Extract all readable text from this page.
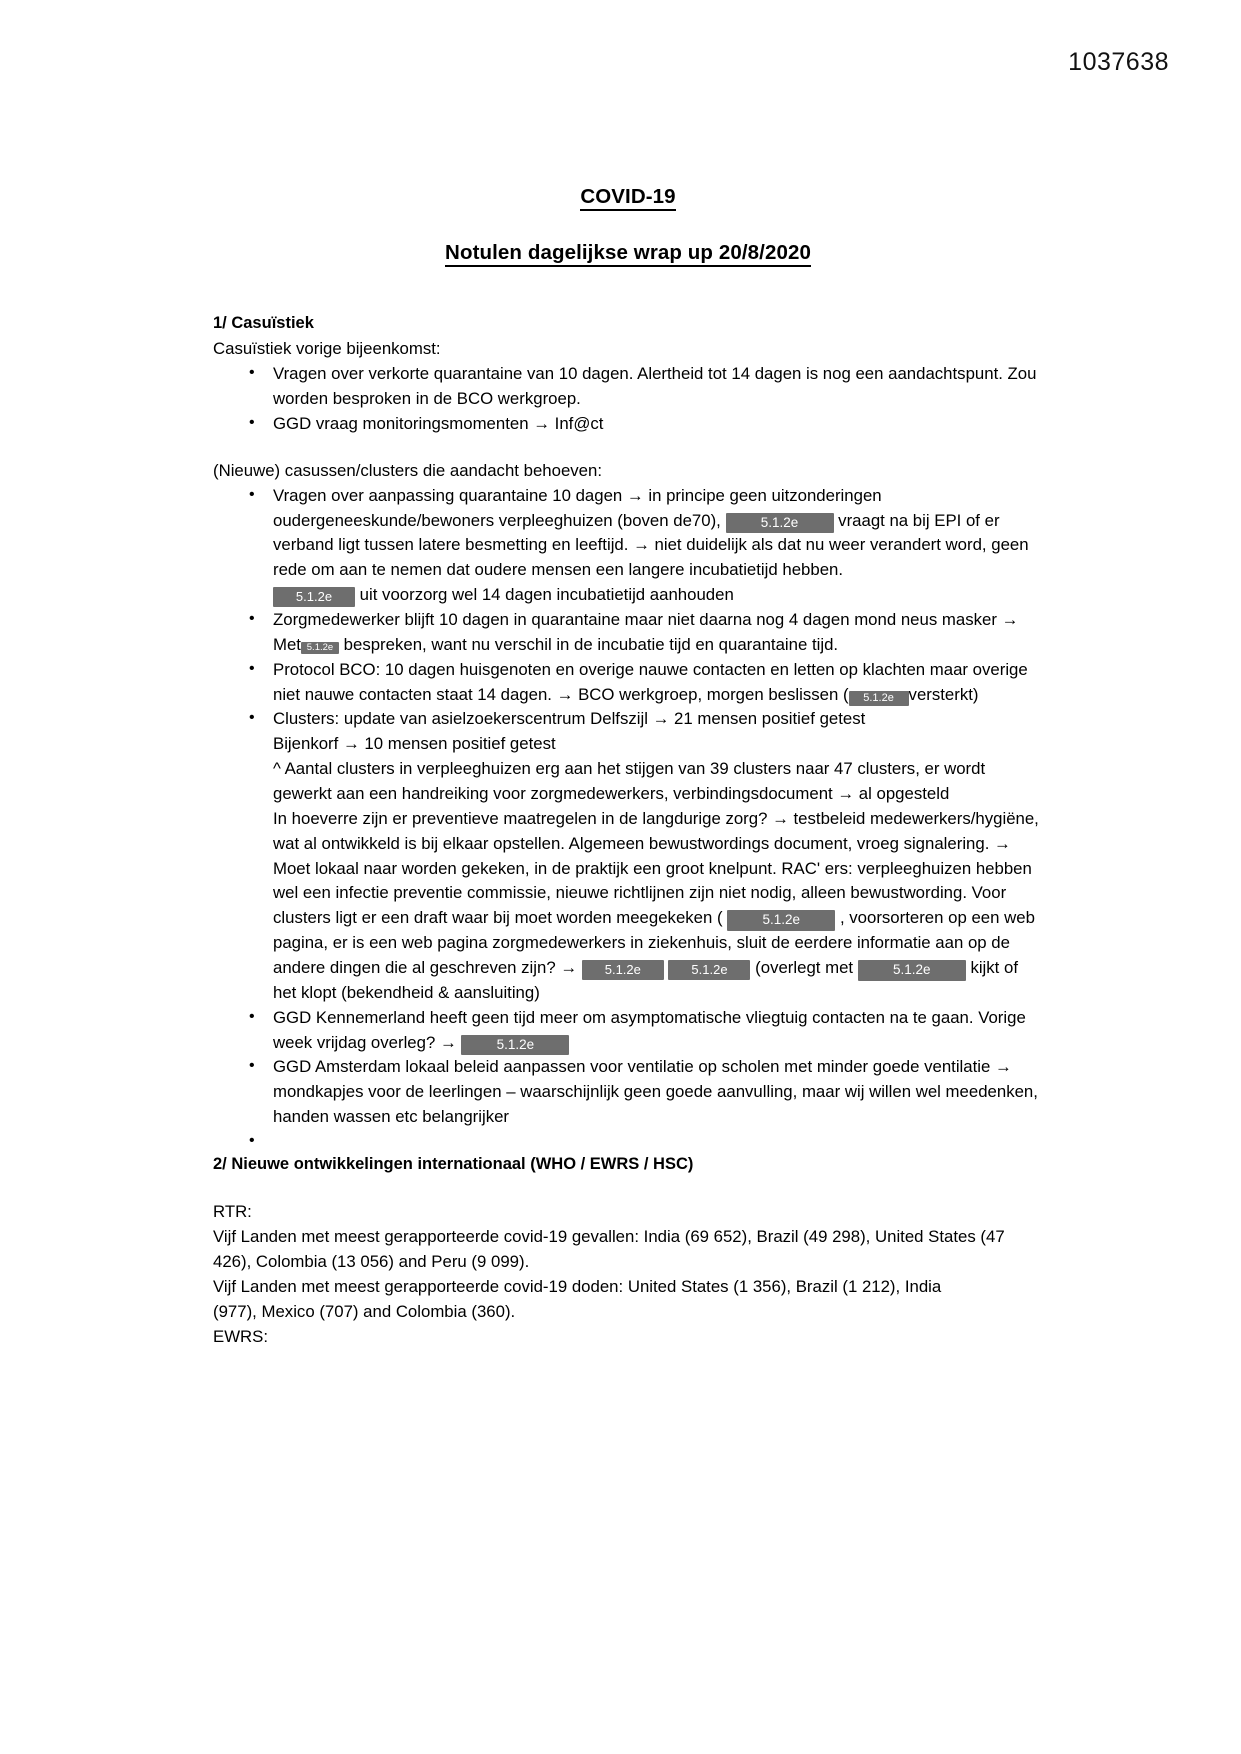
1037638
COVID-19
Notulen dagelijkse wrap up 20/8/2020
1/ Casuïstiek

Casuïstiek vorige bijeenkomst:

• Vragen over verkorte quarantaine van 10 dagen. Alertheid tot 14 dagen is nog een aandachtspunt. Zou worden besproken in de BCO werkgroep.
• GGD vraag monitoringsmomenten → Inf@ct

(Nieuwe) casussen/clusters die aandacht behoeven:

• Vragen over aanpassing quarantaine 10 dagen → in principe geen uitzonderingen oudergeneeskunde/bewoners verpleeghuizen (boven de70),	5.1.2e vraagt na bij EPI of er verband ligt tussen latere besmetting en leeftijd. → niet duidelijk als dat nu weer verandert word, geen rede om aan te nemen dat oudere mensen een langere incubatietijd hebben.
5.1.2e uit voorzorg wel 14 dagen incubatietijd aanhouden
• Zorgmedewerker blijft 10 dagen in quarantaine maar niet daarna nog 4 dagen mond neus masker → Met 5.1.2e bespreken, want nu verschil in de incubatie tijd en quarantaine tijd.
• Protocol BCO: 10 dagen huisgenoten en overige nauwe contacten en letten op klachten maar overige niet nauwe contacten staat 14 dagen. → BCO werkgroep, morgen beslissen ( 5.1.2e versterkt)
• Clusters: update van asielzoekerscentrum Delfszijl → 21 mensen positief getest
Bijenkorf → 10 mensen positief getest
^ Aantal clusters in verpleeghuizen erg aan het stijgen van 39 clusters naar 47 clusters, er wordt gewerkt aan een handreiking voor zorgmedewerkers, verbindingsdocument → al opgesteld
In hoeverre zijn er preventieve maatregelen in de langdurige zorg? → testbeleid medewerkers/hygiëne, wat al ontwikkeld is bij elkaar opstellen. Algemeen bewustwordings document, vroeg signalering. → Moet lokaal naar worden gekeken, in de praktijk een groot knelpunt. RAC' ers: verpleeghuizen hebben wel een infectie preventie commissie, nieuwe richtlijnen zijn niet nodig, alleen bewustwording. Voor clusters ligt er een draft waar bij moet worden meegekeken (	5.1.2e , voorsorteren op een web pagina, er is een web pagina zorgmedewerkers in ziekenhuis, sluit de eerdere informatie aan op de andere dingen die al geschreven zijn? → 5.1.2e	5.1.2e (overlegt met	5.1.2e kijkt of het klopt (bekendheid & aansluiting)
• GGD Kennemerland heeft geen tijd meer om asymptomatische vliegtuig contacten na te gaan. Vorige week vrijdag overleg? →	5.1.2e
• GGD Amsterdam lokaal beleid aanpassen voor ventilatie op scholen met minder goede ventilatie → mondkapjes voor de leerlingen – waarschijnlijk geen goede aanvulling, maar wij willen wel meedenken, handen wassen etc belangrijker
•
2/ Nieuwe ontwikkelingen internationaal (WHO / EWRS / HSC)

RTR:

Vijf Landen met meest gerapporteerde covid-19 gevallen: India (69 652), Brazil (49 298), United States (47

426), Colombia (13 056) and Peru (9 099).

Vijf Landen met meest gerapporteerde covid-19 doden: United States (1 356), Brazil (1 212), India

(977), Mexico (707) and Colombia (360).

EWRS:
